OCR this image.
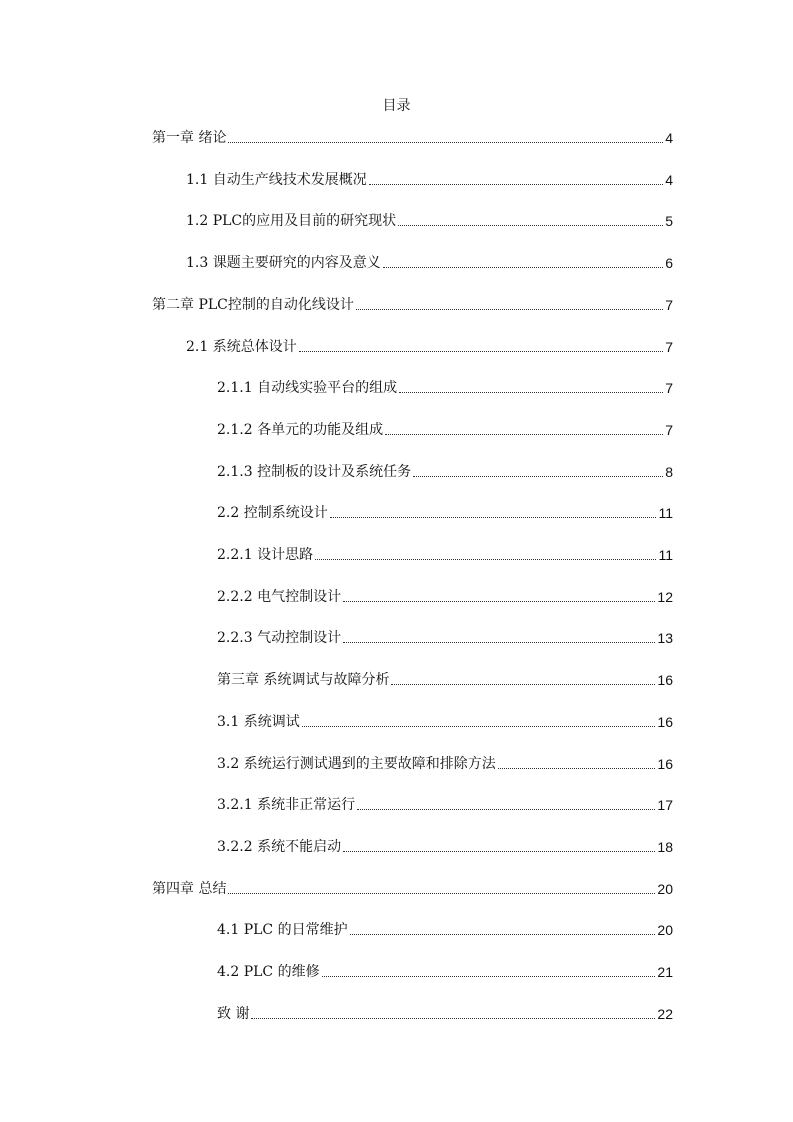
目录
第一章 绪论	4
1.1 自动生产线技术发展概况	4
1.2 PLC的应用及目前的研究现状	5
1.3 课题主要研究的内容及意义	6
第二章 PLC控制的自动化线设计	7
2.1 系统总体设计	7
2.1.1 自动线实验平台的组成	7
2.1.2 各单元的功能及组成	7
2.1.3 控制板的设计及系统任务	8
2.2 控制系统设计	11
2.2.1 设计思路	11
2.2.2 电气控制设计	12
2.2.3 气动控制设计	13
第三章 系统调试与故障分析	16
3.1 系统调试	16
3.2 系统运行测试遇到的主要故障和排除方法	16
3.2.1 系统非正常运行	17
3.2.2 系统不能启动	18
第四章 总结	20
4.1 PLC 的日常维护	20
4.2 PLC 的维修	21
致 谢	22
